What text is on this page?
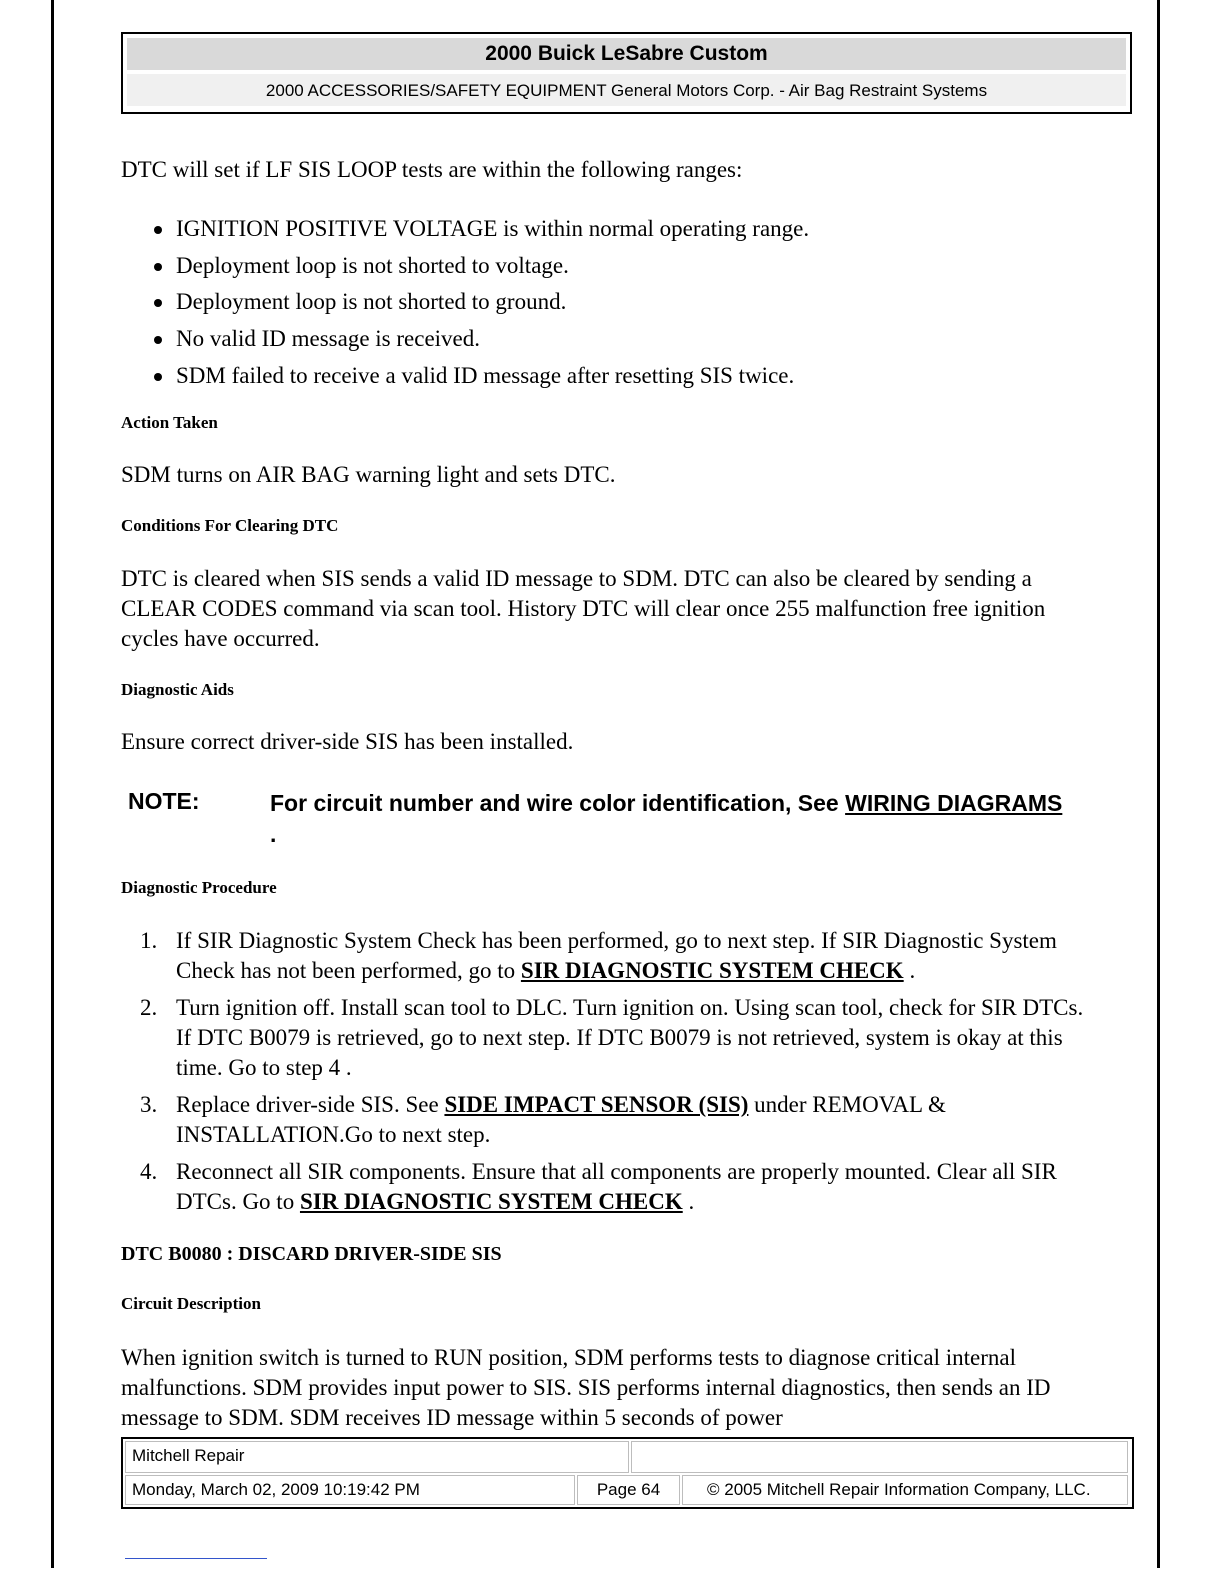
2000 Buick LeSabre Custom
2000 ACCESSORIES/SAFETY EQUIPMENT General Motors Corp. - Air Bag Restraint Systems
DTC will set if LF SIS LOOP tests are within the following ranges:
IGNITION POSITIVE VOLTAGE is within normal operating range.
Deployment loop is not shorted to voltage.
Deployment loop is not shorted to ground.
No valid ID message is received.
SDM failed to receive a valid ID message after resetting SIS twice.
Action Taken
SDM turns on AIR BAG warning light and sets DTC.
Conditions For Clearing DTC
DTC is cleared when SIS sends a valid ID message to SDM. DTC can also be cleared by sending a CLEAR CODES command via scan tool. History DTC will clear once 255 malfunction free ignition cycles have occurred.
Diagnostic Aids
Ensure correct driver-side SIS has been installed.
NOTE:	For circuit number and wire color identification, See WIRING DIAGRAMS .
Diagnostic Procedure
1. If SIR Diagnostic System Check has been performed, go to next step. If SIR Diagnostic System Check has not been performed, go to SIR DIAGNOSTIC SYSTEM CHECK .
2. Turn ignition off. Install scan tool to DLC. Turn ignition on. Using scan tool, check for SIR DTCs. If DTC B0079 is retrieved, go to next step. If DTC B0079 is not retrieved, system is okay at this time. Go to step 4 .
3. Replace driver-side SIS. See SIDE IMPACT SENSOR (SIS) under REMOVAL & INSTALLATION.Go to next step.
4. Reconnect all SIR components. Ensure that all components are properly mounted. Clear all SIR DTCs. Go to SIR DIAGNOSTIC SYSTEM CHECK .
DTC B0080 : DISCARD DRIVER-SIDE SIS
Circuit Description
When ignition switch is turned to RUN position, SDM performs tests to diagnose critical internal malfunctions. SDM provides input power to SIS. SIS performs internal diagnostics, then sends an ID message to SDM. SDM receives ID message within 5 seconds of power
Mitchell Repair
Monday, March 02, 2009 10:19:42 PM	Page 64	© 2005 Mitchell Repair Information Company, LLC.
